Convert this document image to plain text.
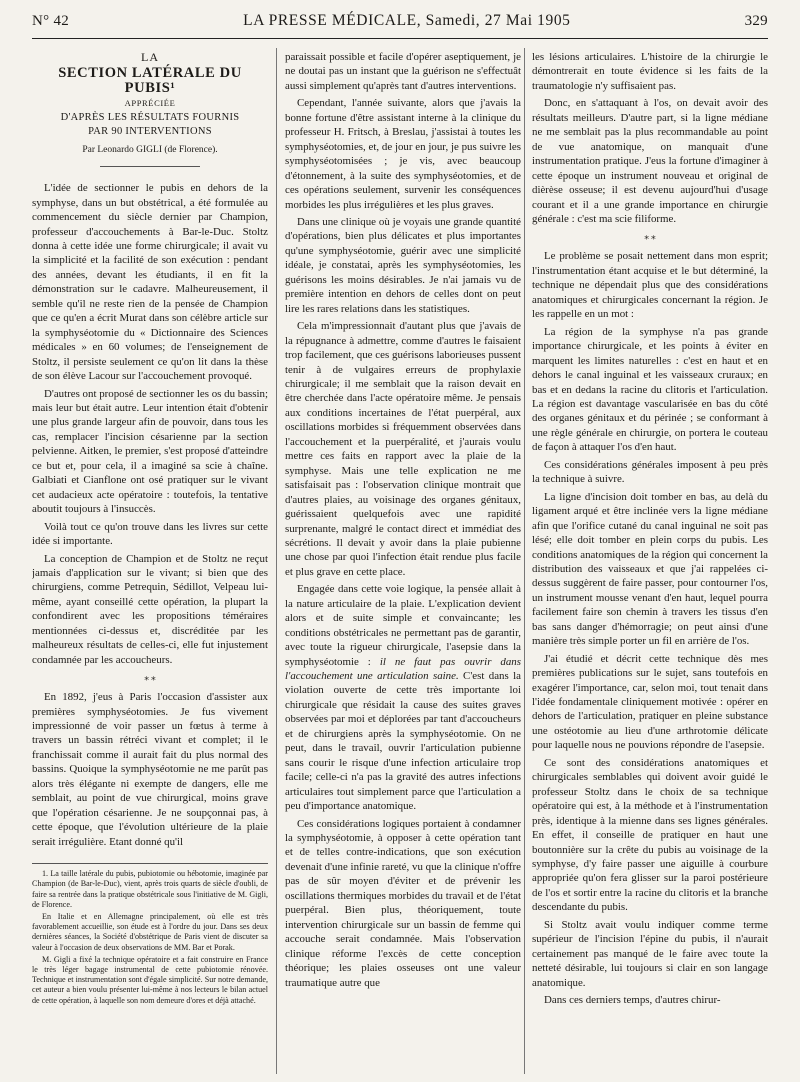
N° 42	LA PRESSE MÉDICALE, Samedi, 27 Mai 1905	329
LA
SECTION LATÉRALE DU PUBIS¹
APPRÉCIÉE
D'APRÈS LES RÉSULTATS FOURNIS
PAR 90 INTERVENTIONS
Par Leonardo GIGLI (de Florence).

L'idée de sectionner le pubis en dehors de la symphyse, dans un but obstétrical, a été formulée au commencement du siècle dernier par Champion, professeur d'accouchements à Bar-le-Duc. Stoltz donna à cette idée une forme chirurgicale; il avait vu la simplicité et la facilité de son exécution : pendant des années, devant les étudiants, il en fit la démonstration sur le cadavre. Malheureusement, il semble qu'il ne reste rien de la pensée de Champion que ce qu'en a écrit Murat dans son célèbre article sur la symphyséotomie du « Dictionnaire des Sciences médicales » en 60 volumes; de l'enseignement de Stoltz, il persiste seulement ce qu'on lit dans la thèse de son élève Lacour sur l'accouchement provoqué.

D'autres ont proposé de sectionner les os du bassin; mais leur but était autre. Leur intention était d'obtenir une plus grande largeur afin de pouvoir, dans tous les cas, remplacer l'incision césarienne par la section pelvienne. Aitken, le premier, s'est proposé d'atteindre ce but et, pour cela, il a imaginé sa scie à chaîne. Galbiati et Cianflone ont osé pratiquer sur le vivant cet audacieux acte opératoire : toutefois, la tentative aboutit toujours à l'insuccès.

Voilà tout ce qu'on trouve dans les livres sur cette idée si importante.

La conception de Champion et de Stoltz ne reçut jamais d'application sur le vivant; si bien que des chirurgiens, comme Petrequin, Sédillot, Velpeau lui-même, ayant conseillé cette opération, la plupart la confondirent avec les propositions téméraires mentionnées ci-dessus et, discréditée par les malheureux résultats de celles-ci, elle fut injustement condamnée par les accoucheurs.

⁎ ⁎

En 1892, j'eus à Paris l'occasion d'assister aux premières symphyséotomies. Je fus vivement impressionné de voir passer un fœtus à terme à travers un bassin rétréci vivant et complet; il le franchissait comme il aurait fait du plus normal des bassins. Quoique la symphyséotomie ne me parût pas alors très élégante ni exempte de dangers, elle me semblait, au point de vue chirurgical, moins grave que l'opération césarienne. Je ne soupçonnai pas, à cette époque, que l'évolution ultérieure de la plaie serait irrégulière. Etant donné qu'il

1. La taille latérale du pubis, pubiotomie ou hébotomie, imaginée par Champion (de Bar-le-Duc), vient, après trois quarts de siècle d'oubli, de faire sa rentrée dans la pratique obstétricale sous l'initiative de M. Gigli, de Florence.

En Italie et en Allemagne principalement, où elle est très favorablement accueillie, son étude est à l'ordre du jour. Dans ses deux dernières séances, la Société d'obstétrique de Paris vient de discuter sa valeur à l'occasion de deux observations de MM. Bar et Porak.

M. Gigli a fixé la technique opératoire et a fait construire en France le très léger bagage instrumental de cette pubiotomie rénovée. Technique et instrumentation sont d'égale simplicité. Sur notre demande, cet auteur a bien voulu présenter lui-même à nos lecteurs le bilan actuel de cette opération, à laquelle son nom demeure d'ores et déjà attaché.

paraissait possible et facile d'opérer aseptiquement, je ne doutai pas un instant que la guérison ne s'effectuât aussi simplement qu'après tant d'autres interventions.

Cependant, l'année suivante, alors que j'avais la bonne fortune d'être assistant interne à la clinique du professeur H. Fritsch, à Breslau, j'assistai à toutes les symphyséotomies, et, de jour en jour, je pus suivre les symphyséotomisées ; je vis, avec beaucoup d'étonnement, à la suite des symphyséotomies, et de ces opérations seulement, survenir les conséquences morbides les plus irrégulières et les plus graves.

Dans une clinique où je voyais une grande quantité d'opérations, bien plus délicates et plus importantes qu'une symphyséotomie, guérir avec une simplicité idéale, je constatai, après les symphyséotomies, les guérisons les moins désirables. Je n'ai jamais vu de première intention en dehors de celles dont on peut lire les rares relations dans les statistiques.

Cela m'impressionnait d'autant plus que j'avais de la répugnance à admettre, comme d'autres le faisaient trop facilement, que ces guérisons laborieuses pussent tenir à de vulgaires erreurs de prophylaxie chirurgicale; il me semblait que la raison devait en être cherchée dans l'acte opératoire même. Je pensais aux conditions incertaines de l'état puerpéral, aux oscillations morbides si fréquemment observées dans l'accouchement et la puerpéralité, et j'aurais voulu mettre ces faits en rapport avec la plaie de la symphyse. Mais une telle explication ne me satisfaisait pas : l'observation clinique montrait que d'autres plaies, au voisinage des organes génitaux, guérissaient quelquefois avec une rapidité surprenante, malgré le contact direct et immédiat des sécrétions. Il devait y avoir dans la plaie pubienne une chose par quoi l'infection était rendue plus facile et plus grave en cette place.

Engagée dans cette voie logique, la pensée allait à la nature articulaire de la plaie. L'explication devient alors et de suite simple et convaincante; les conditions obstétricales ne permettant pas de garantir, avec toute la rigueur chirurgicale, l'asepsie dans la symphyséotomie : il ne faut pas ouvrir dans l'accouchement une articulation saine. C'est dans la violation ouverte de cette très importante loi chirurgicale que résidait la cause des suites graves observées par moi et déplorées par tant d'accoucheurs et de chirurgiens après la symphyséotomie. On ne peut, dans le travail, ouvrir l'articulation pubienne sans courir le risque d'une infection articulaire trop facile; celle-ci n'a pas la gravité des autres infections articulaires tout simplement parce que l'articulation a peu d'importance anatomique.

Ces considérations logiques portaient à condamner la symphyséotomie, à opposer à cette opération tant et de telles contre-indications, que son exécution devenait d'une infinie rareté, vu que la clinique n'offre pas de sûr moyen d'éviter et de prévenir les oscillations thermiques morbides du travail et de l'état puerpéral. Bien plus, théoriquement, toute intervention chirurgicale sur un bassin de femme qui accouche serait condamnée. Mais l'observation clinique réforme l'excès de cette conception théorique; les plaies osseuses ont une valeur traumatique autre que

les lésions articulaires. L'histoire de la chirurgie le démontrerait en toute évidence si les faits de la traumatologie n'y suffisaient pas.

Donc, en s'attaquant à l'os, on devait avoir des résultats meilleurs. D'autre part, si la ligne médiane ne me semblait pas la plus recommandable au point de vue anatomique, on manquait d'une instrumentation pratique. J'eus la fortune d'imaginer à cette époque un instrument nouveau et original de dièrèse osseuse; il est devenu aujourd'hui d'usage courant et il a une grande importance en chirurgie générale : c'est ma scie filiforme.

⁎ ⁎

Le problème se posait nettement dans mon esprit; l'instrumentation étant acquise et le but déterminé, la technique ne dépendait plus que des considérations anatomiques et chirurgicales concernant la région. Je les rappelle en un mot :

La région de la symphyse n'a pas grande importance chirurgicale, et les points à éviter en marquent les limites naturelles : c'est en haut et en dehors le canal inguinal et les vaisseaux cruraux; en bas et en dedans la racine du clitoris et l'articulation. La région est davantage vascularisée en bas du côté des organes génitaux et du périnée ; se conformant à une règle générale en chirurgie, on portera le couteau de façon à attaquer l'os d'en haut.

Ces considérations générales imposent à peu près la technique à suivre.

La ligne d'incision doit tomber en bas, au delà du ligament arqué et être inclinée vers la ligne médiane afin que l'orifice cutané du canal inguinal ne soit pas lésé; elle doit tomber en plein corps du pubis. Les conditions anatomiques de la région qui concernent la distribution des vaisseaux et que j'ai rappelées ci-dessus suggèrent de faire passer, pour contourner l'os, un instrument mousse venant d'en haut, lequel pourra facilement faire son chemin à travers les tissus d'en bas sans danger d'hémorragie; on peut ainsi d'une manière très simple porter un fil en arrière de l'os.

J'ai étudié et décrit cette technique dès mes premières publications sur le sujet, sans toutefois en exagérer l'importance, car, selon moi, tout tenait dans l'idée fondamentale cliniquement motivée : opérer en dehors de l'articulation, pratiquer en pleine substance une ostéotomie au lieu d'une arthrotomie délicate pour laquelle nous ne pouvions répondre de l'asepsie.

Ce sont des considérations anatomiques et chirurgicales semblables qui doivent avoir guidé le professeur Stoltz dans le choix de sa technique opératoire qui est, à la méthode et à l'instrumentation près, identique à la mienne dans ses lignes générales. En effet, il conseille de pratiquer en haut une boutonnière sur la crête du pubis au voisinage de la symphyse, d'y faire passer une aiguille à courbure appropriée qu'on fera glisser sur la paroi postérieure de l'os et sortir entre la racine du clitoris et la branche descendante du pubis.

Si Stoltz avait voulu indiquer comme terme supérieur de l'incision l'épine du pubis, il n'aurait certainement pas manqué de le faire avec toute la netteté désirable, lui toujours si clair en son langage anatomique.

Dans ces derniers temps, d'autres chirur-
